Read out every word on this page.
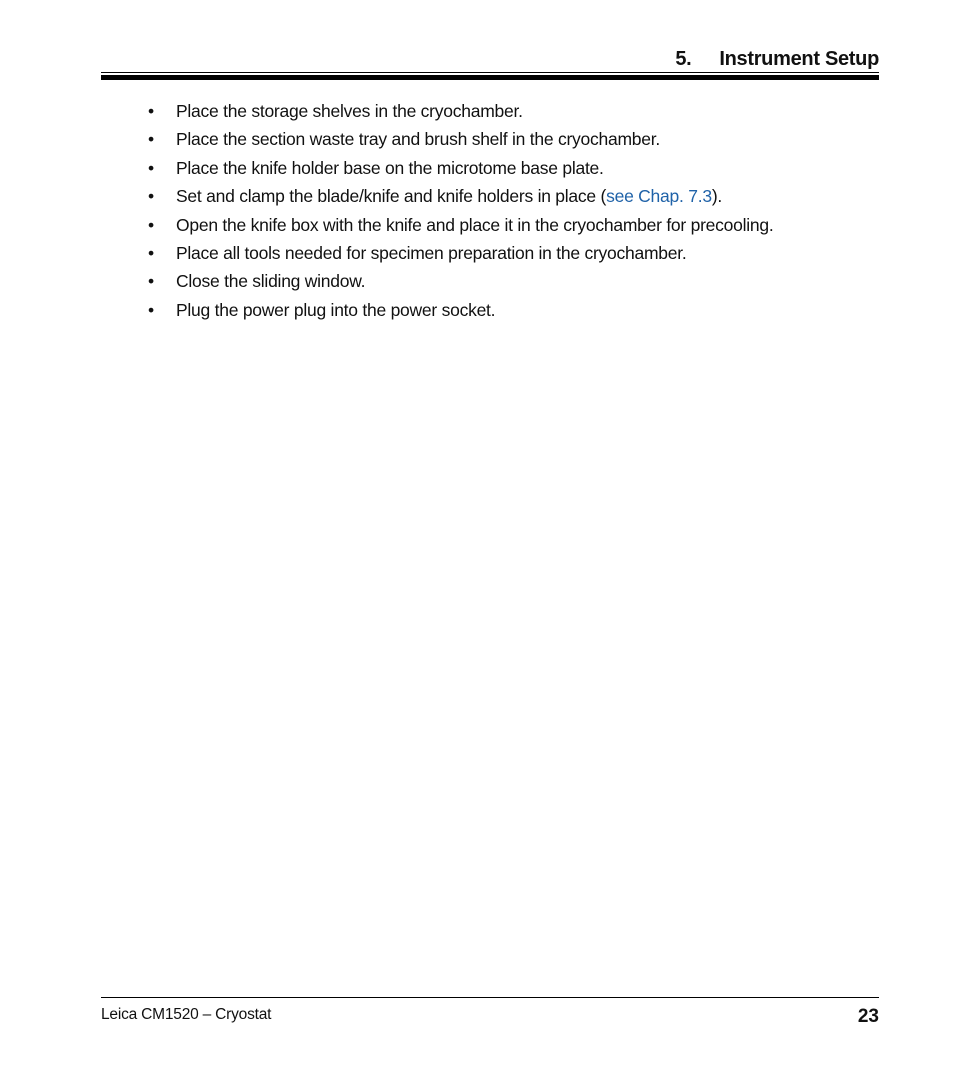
5. Instrument Setup
• Place the storage shelves in the cryochamber.
• Place the section waste tray and brush shelf in the cryochamber.
• Place the knife holder base on the microtome base plate.
• Set and clamp the blade/knife and knife holders in place (see Chap. 7.3).
• Open the knife box with the knife and place it in the cryochamber for precooling.
• Place all tools needed for specimen preparation in the cryochamber.
• Close the sliding window.
• Plug the power plug into the power socket.
Leica CM1520 – Cryostat	23
